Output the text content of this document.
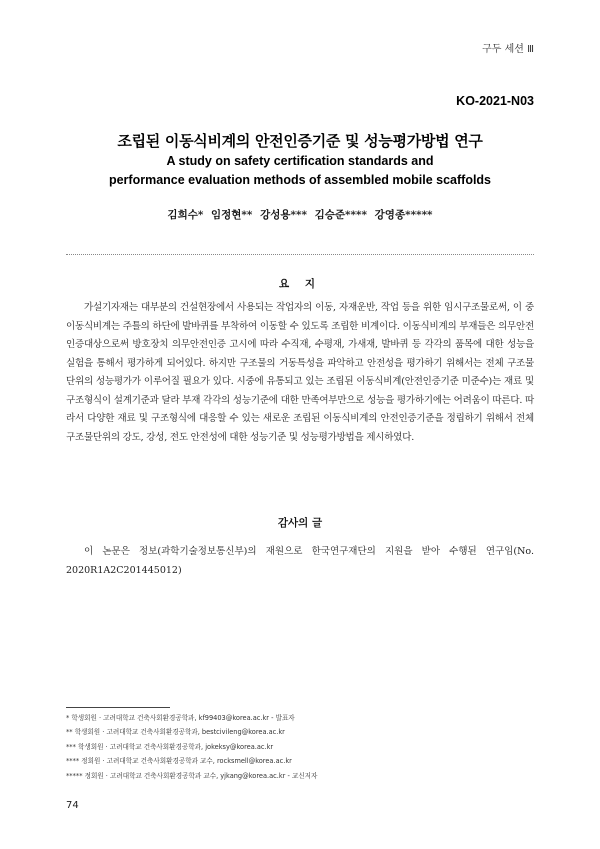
구두 세션 Ⅲ
KO-2021-N03
조립된 이동식비계의 안전인증기준 및 성능평가방법 연구
A study on safety certification standards and
performance evaluation methods of assembled mobile scaffolds
김희수* 임정현** 강성용*** 김승준**** 강영종*****
요 지
가설기자재는 대부분의 건설현장에서 사용되는 작업자의 이동, 자재운반, 작업 등을 위한 임시구조물로써, 이 중 이동식비계는 주틀의 하단에 발바퀴를 부착하여 이동할 수 있도록 조립한 비계이다. 이동식비계의 부재들은 의무안전인증대상으로써 방호장치 의무안전인증 고시에 따라 수직재, 수평재, 가새재, 발바퀴 등 각각의 품목에 대한 성능을 실험을 통해서 평가하게 되어있다. 하지만 구조물의 거동특성을 파악하고 안전성을 평가하기 위해서는 전체 구조물 단위의 성능평가가 이루어질 필요가 있다. 시중에 유통되고 있는 조립된 이동식비계(안전인증기준 미준수)는 재료 및 구조형식이 설계기준과 달라 부재 각각의 성능기준에 대한 만족여부만으로 성능을 평가하기에는 어려움이 따른다. 따라서 다양한 재료 및 구조형식에 대응할 수 있는 새로운 조립된 이동식비계의 안전인증기준을 정립하기 위해서 전체 구조물단위의 강도, 강성, 전도 안전성에 대한 성능기준 및 성능평가방법을 제시하였다.
감사의 글
이 논문은 정보(과학기술정보통신부)의 재원으로 한국연구재단의 지원을 받아 수행된 연구임(No. 2020R1A2C201445012)
* 학생회원 · 고려대학교 건축사회환경공학과, kf99403@korea.ac.kr - 발표자
** 학생회원 · 고려대학교 건축사회환경공학과, bestcivileng@korea.ac.kr
*** 학생회원 · 고려대학교 건축사회환경공학과, jokeksy@korea.ac.kr
**** 정회원 · 고려대학교 건축사회환경공학과 교수, rocksmell@korea.ac.kr
***** 정회원 · 고려대학교 건축사회환경공학과 교수, yjkang@korea.ac.kr - 교신저자
74
